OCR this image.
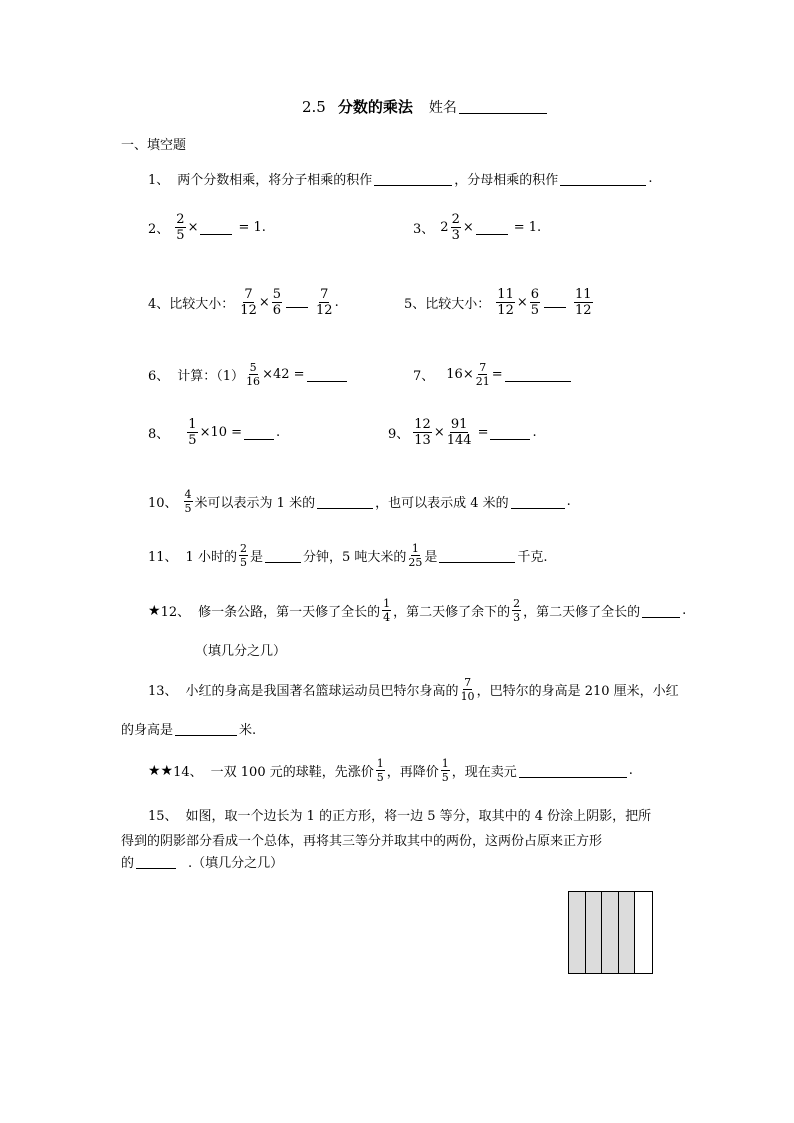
2.5 分数的乘法 姓名
一、填空题
1、 两个分数相乘，将分子相乘的积作	，分母相乘的积作	.
2、 $\frac{2}{5}$ ×	= 1.	3、 $2 \frac{2}{3}$ ×	= 1.
4、 比较大小： $\frac{7}{12} \times \frac{5}{6}$	$\frac{7}{12}$ .	5、 比较大小： $\frac{11}{12} \times \frac{6}{5}$	$\frac{11}{12}$
6、 计算：$(1) \frac{5}{16} \times 42$ =	7、 $16\times \frac{7}{21}$ =
8、 $\frac{1}{5} \times 10$ =	.	9、 $\frac{12}{13} \times \frac{91}{144}$ =	.
10、 $\frac{4}{5}$ 米可以表示为 1 米的	，也可以表示成 4 米的	.
11、 1 小时的 $\frac{2}{5}$ 是	分钟，5 吨大米的 $\frac{1}{25}$ 是	千克.
★ 12、 修一条公路，第一天修了全长的 $\frac{1}{4}$ ，第二天修了余下的 $\frac{2}{3}$ ，第二天修了全长的	.
（填几分之几）
13、 小红的身高是我国著名篮球运动员巴特尔身高的 $\frac{7}{10}$ ，巴特尔的身高是 210 厘米，小红
的身高是	米.
★★ 14、 一双 100 元的球鞋，先涨价 $\frac{1}{5}$ ，再降价 $\frac{1}{5}$ ，现在卖元	.
15、 如图，取一个边长为 1 的正方形，将一边 5 等分，取其中的 4 份涂上阴影，把所
得到的阴影部分看成一个总体，再将其三等分并取其中的两份，这两份占原来正方形
的	.（填几分之几）
